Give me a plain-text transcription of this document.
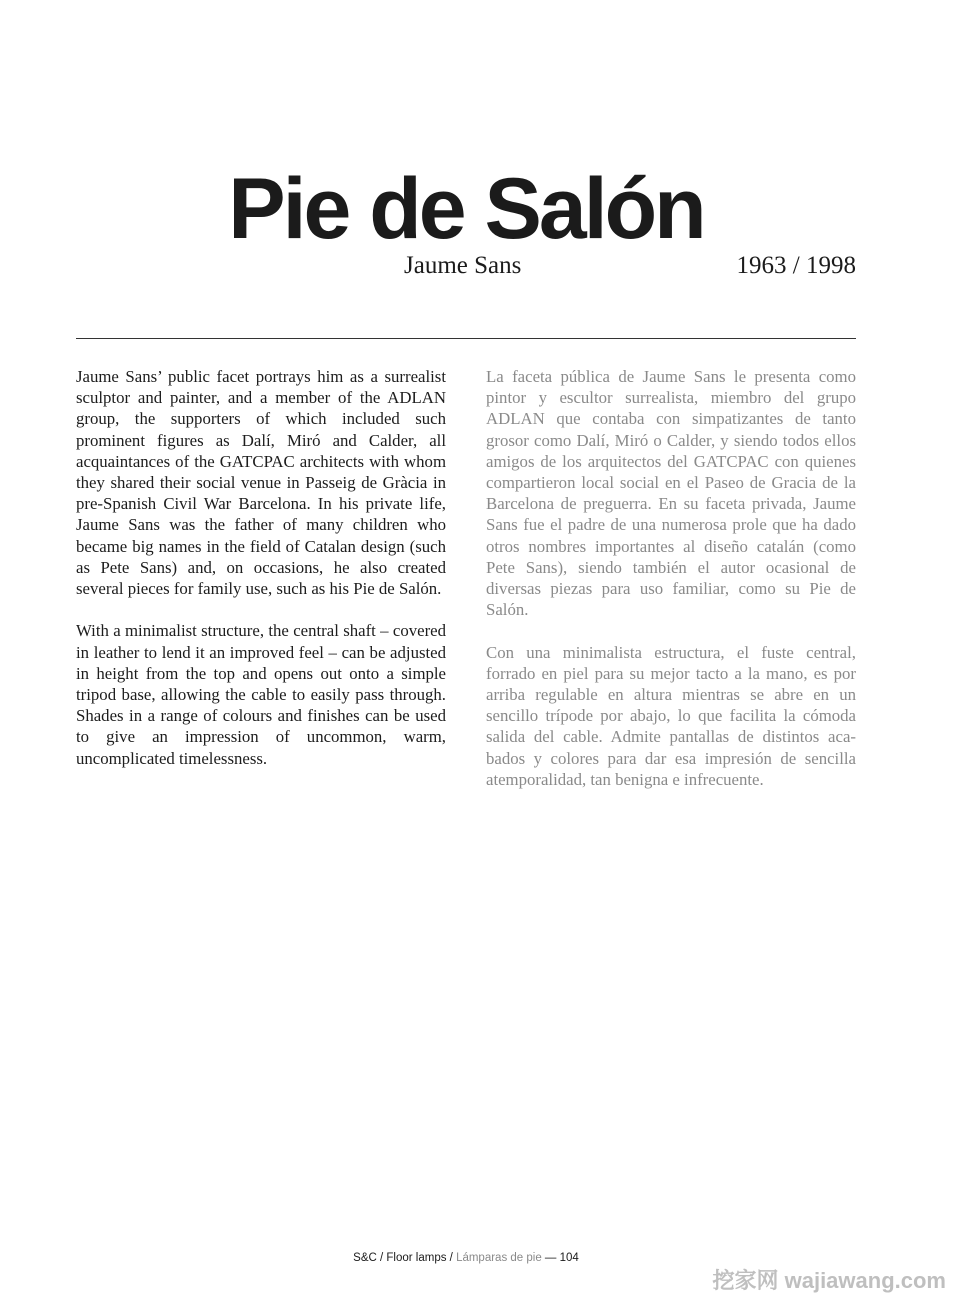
Pie de Salón
Jaume Sans	1963 / 1998

Jaume Sans’ public facet portrays him as a surrealist sculptor and painter, and a member of the ADLAN group, the supporters of which included such prominent figures as Dalí, Miró and Calder, all acquaintances of the GATCPAC architects with whom they shared their social venue in Passeig de Gràcia in pre-Spanish Civil War Barcelona. In his private life, Jaume Sans was the father of many children who became big names in the field of Catalan design (such as Pete Sans) and, on occasions, he also created several pieces for family use, such as his Pie de Salón.

With a minimalist structure, the central shaft – covered in leather to lend it an improved feel – can be adjusted in height from the top and opens out onto a simple tripod base, allowing the cable to easily pass through. Shades in a range of colours and finishes can be used to give an impression of uncommon, warm, uncomplicated timelessness.

La faceta pública de Jaume Sans le presenta como pintor y escultor surrealista, miembro del grupo ADLAN que contaba con simpatizantes de tanto grosor como Dalí, Miró o Calder, y siendo todos ellos amigos de los arquitectos del GATCPAC con quienes compartieron local social en el Paseo de Gracia de la Barcelona de preguerra. En su faceta privada, Jaume Sans fue el padre de una numerosa prole que ha dado otros nombres importantes al diseño catalán (como Pete Sans), siendo también el autor ocasional de diversas piezas para uso familiar, como su Pie de Salón.

Con una minimalista estructura, el fuste central, forrado en piel para su mejor tacto a la mano, es por arriba regulable en altura mientras se abre en un sencillo trípode por abajo, lo que facilita la cómoda salida del cable. Admite pantallas de distintos acabados y colores para dar esa impresión de sencilla atemporalidad, tan benigna e infrecuente.

S&C / Floor lamps / Lámparas de pie — 104
挖家网 wajiawang.com
